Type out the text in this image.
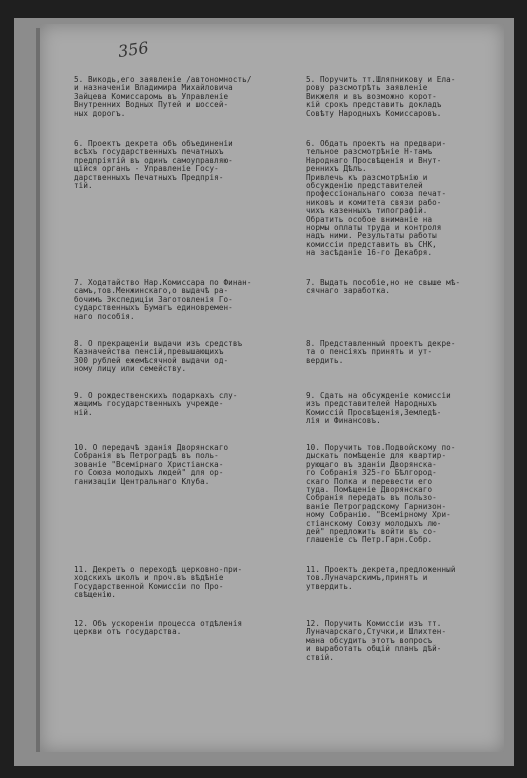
356
5. Викодь,его заявленіе /автономность/
и назначеніи Владимира Михайловича
Зайцева Комиссаромь въ Управленіе
Внутренних Водных Путей и шоссей-
ных дорогъ.
5. Поручить тт.Шляпникову и Ела-
рову разсмотрѣть заявленіе
Викжеля и въ возможно корот-
кій срокъ представить докладъ
Совѣту Народныхъ Комиссаровъ.
6. Проектъ декрета объ объединеніи
всѣхъ государственныхъ печатныхъ
предпріятій въ одинъ самоуправляю-
щійся органъ - Управленіе Госу-
дарственныхъ Печатныхъ Предпрія-
тій.
6. Обдать проектъ на предвари-
тельное разсмотрѣніе Н-тамъ
Народнаго Просвѣщенія и Внут-
реннихъ Дѣлъ.
Привлечь къ разсмотрѣнію и
обсужденію представителей
профессіональнаго союза печат-
никовъ и комитета связи рабо-
чихъ казенныхъ типографій.
Обратить особое вниманіе на
нормы оплаты труда и контроля
надъ ними. Результаты работы
комиссіи представить въ СНК,
на засѣданіе 16-го Декабря.
7. Ходатайство Нар.Комиссара по Финан-
самъ,тов.Менжинскаго,о выдачѣ ра-
бочимъ Экспедиціи Заготовленія Го-
сударственныхъ Бумагъ единовремен-
наго пособія.
7. Выдать пособіе,но не свыше мѣ-
сячнаго заработка.
8. О прекращеніи выдачи изъ средствъ
Казначейства пенсій,превышающихъ
300 рублей ежемѣсячной выдачи од-
ному лицу или семейству.
8. Представленный проектъ декре-
та о пенсіяхъ принять и ут-
вердить.
9. О рождественскихъ подаркахъ слу-
жащимъ государственныхъ учрежде-
ній.
9. Сдать на обсужденіе комиссіи
изъ представителей Народныхъ
Комиссій Просвѣщенія,Земледѣ-
лія и Финансовъ.
10. О передачѣ зданія Дворянскаго
Собранія въ Петроградѣ въ поль-
зованіе "Всемірнаго Христіанска-
го Союза молодыхъ людей" для ор-
ганизаціи Центральнаго Клуба.
10. Поручить тов.Подвойскому по-
дыскать помѣщеніе для квартир-
рующаго въ зданіи Дворянска-
го Собранія 325-го Бѣлгород-
скаго Полка и перевести его
туда. Помѣщеніе Дворянскаго
Собранія передать въ пользо-
ваніе Петроградскому Гарнизон-
ному Собранію. "Всемірному Хри-
стіанскому Союзу молодыхъ лю-
дей" предложить войти въ со-
глашеніе съ Петр.Гарн.Собр.
11. Декретъ о переходѣ церковно-при-
ходскихъ школъ и проч.въ вѣдѣніе
Государственной Комиссіи по Про-
свѣщенію.
11. Проектъ декрета,предложенный
тов.Луначарскимъ,принять и
утвердить.
12. Объ ускореніи процесса отдѣленія
церкви отъ государства.
12. Поручить Комиссіи изъ тт.
Луначарскаго,Стучки,и Шлихтен-
мана обсудить этотъ вопросъ
и выработать общій планъ дѣй-
ствій.
